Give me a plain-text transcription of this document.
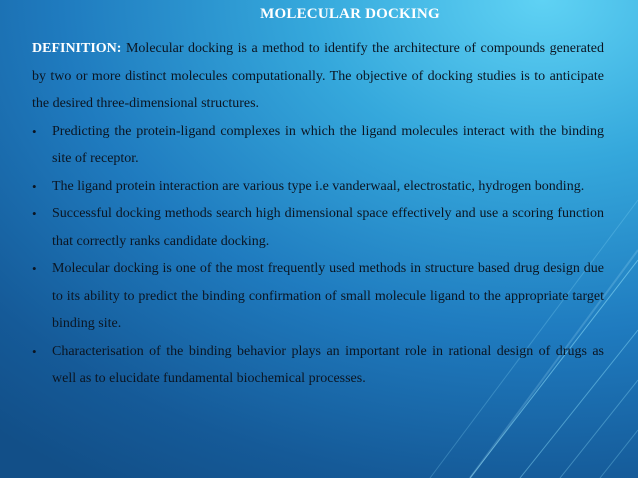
MOLECULAR DOCKING

DEFINITION: Molecular docking is a method to identify the architecture of compounds generated by two or more distinct molecules computationally. The objective of docking studies is to anticipate the desired three-dimensional structures.

• Predicting the protein-ligand complexes in which the ligand molecules interact with the binding site of receptor.
• The ligand protein interaction are various type i.e vanderwaal, electrostatic, hydrogen bonding.
• Successful docking methods search high dimensional space effectively and use a scoring function that correctly ranks candidate docking.
• Molecular docking is one of the most frequently used methods in structure based drug design due to its ability to predict the binding confirmation of small molecule ligand to the appropriate target binding site.
• Characterisation of the binding behavior plays an important role in rational design of drugs as well as to elucidate fundamental biochemical processes.
